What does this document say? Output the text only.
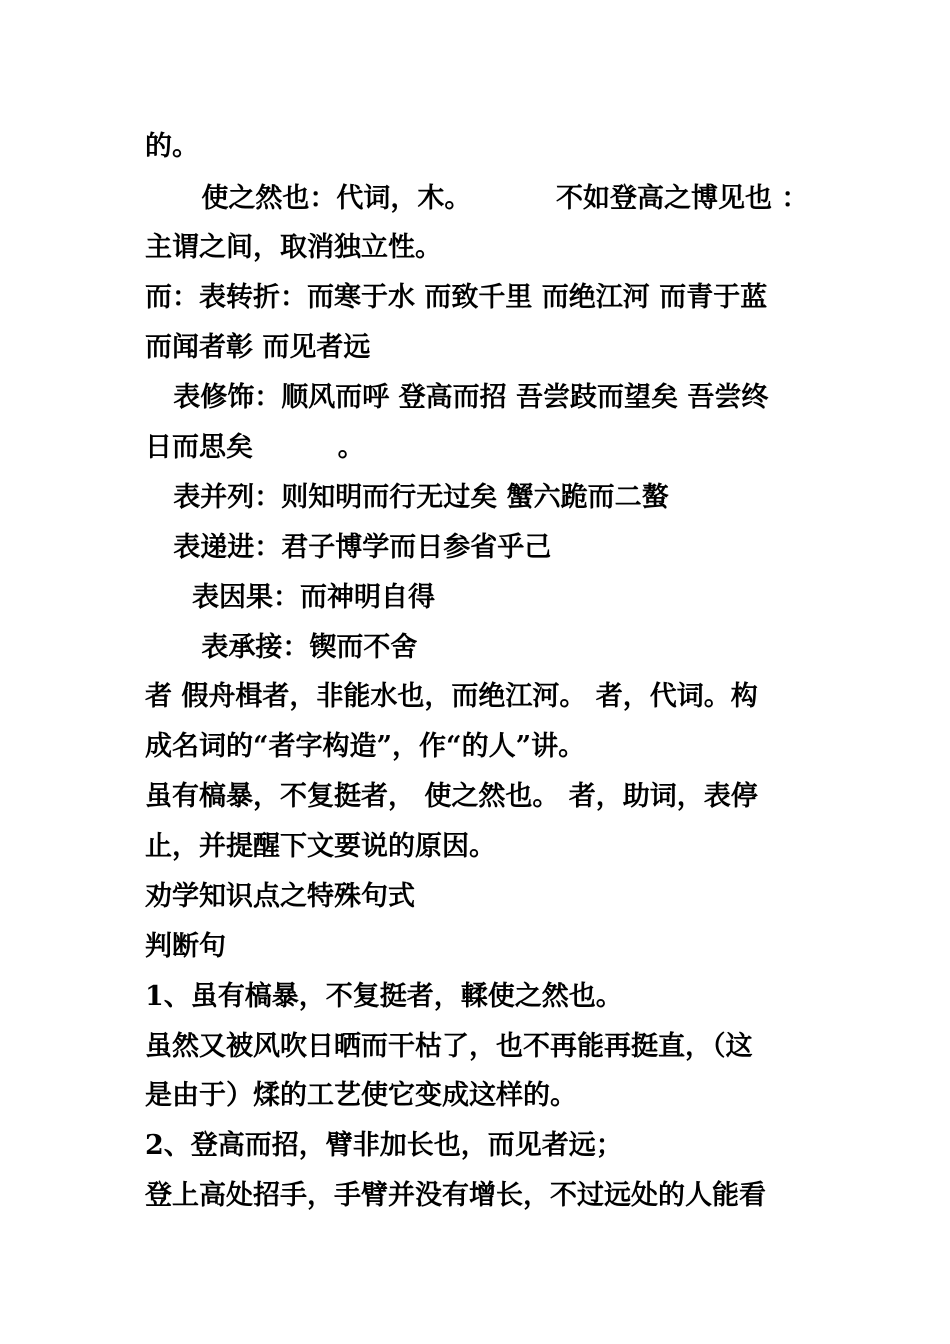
的。
使之然也：代词，木。         不如登高之博见也 ：
主谓之间，取消独立性。
而：表转折：而寒于水 而致千里 而绝江河 而青于蓝
而闻者彰 而见者远
表修饰：顺风而呼 登高而招 吾尝跂而望矣 吾尝终
日而思矣         。
表并列：则知明而行无过矣 蟹六跪而二螯
表递进：君子博学而日参省乎己
表因果：而神明自得
表承接：锲而不舍
者 假舟楫者，非能水也，而绝江河。 者，代词。构
成名词的“者字构造”，作“的人”讲。
虽有槁暴，不复挺者， 使之然也。 者，助词，表停
止，并提醒下文要说的原因。
劝学知识点之特殊句式
判断句
1、虽有槁暴，不复挺者，輮使之然也。
虽然又被风吹日晒而干枯了，也不再能再挺直，（这
是由于）煣的工艺使它变成这样的。
2、登高而招，臂非加长也，而见者远；
登上高处招手，手臂并没有增长，不过远处的人能看
